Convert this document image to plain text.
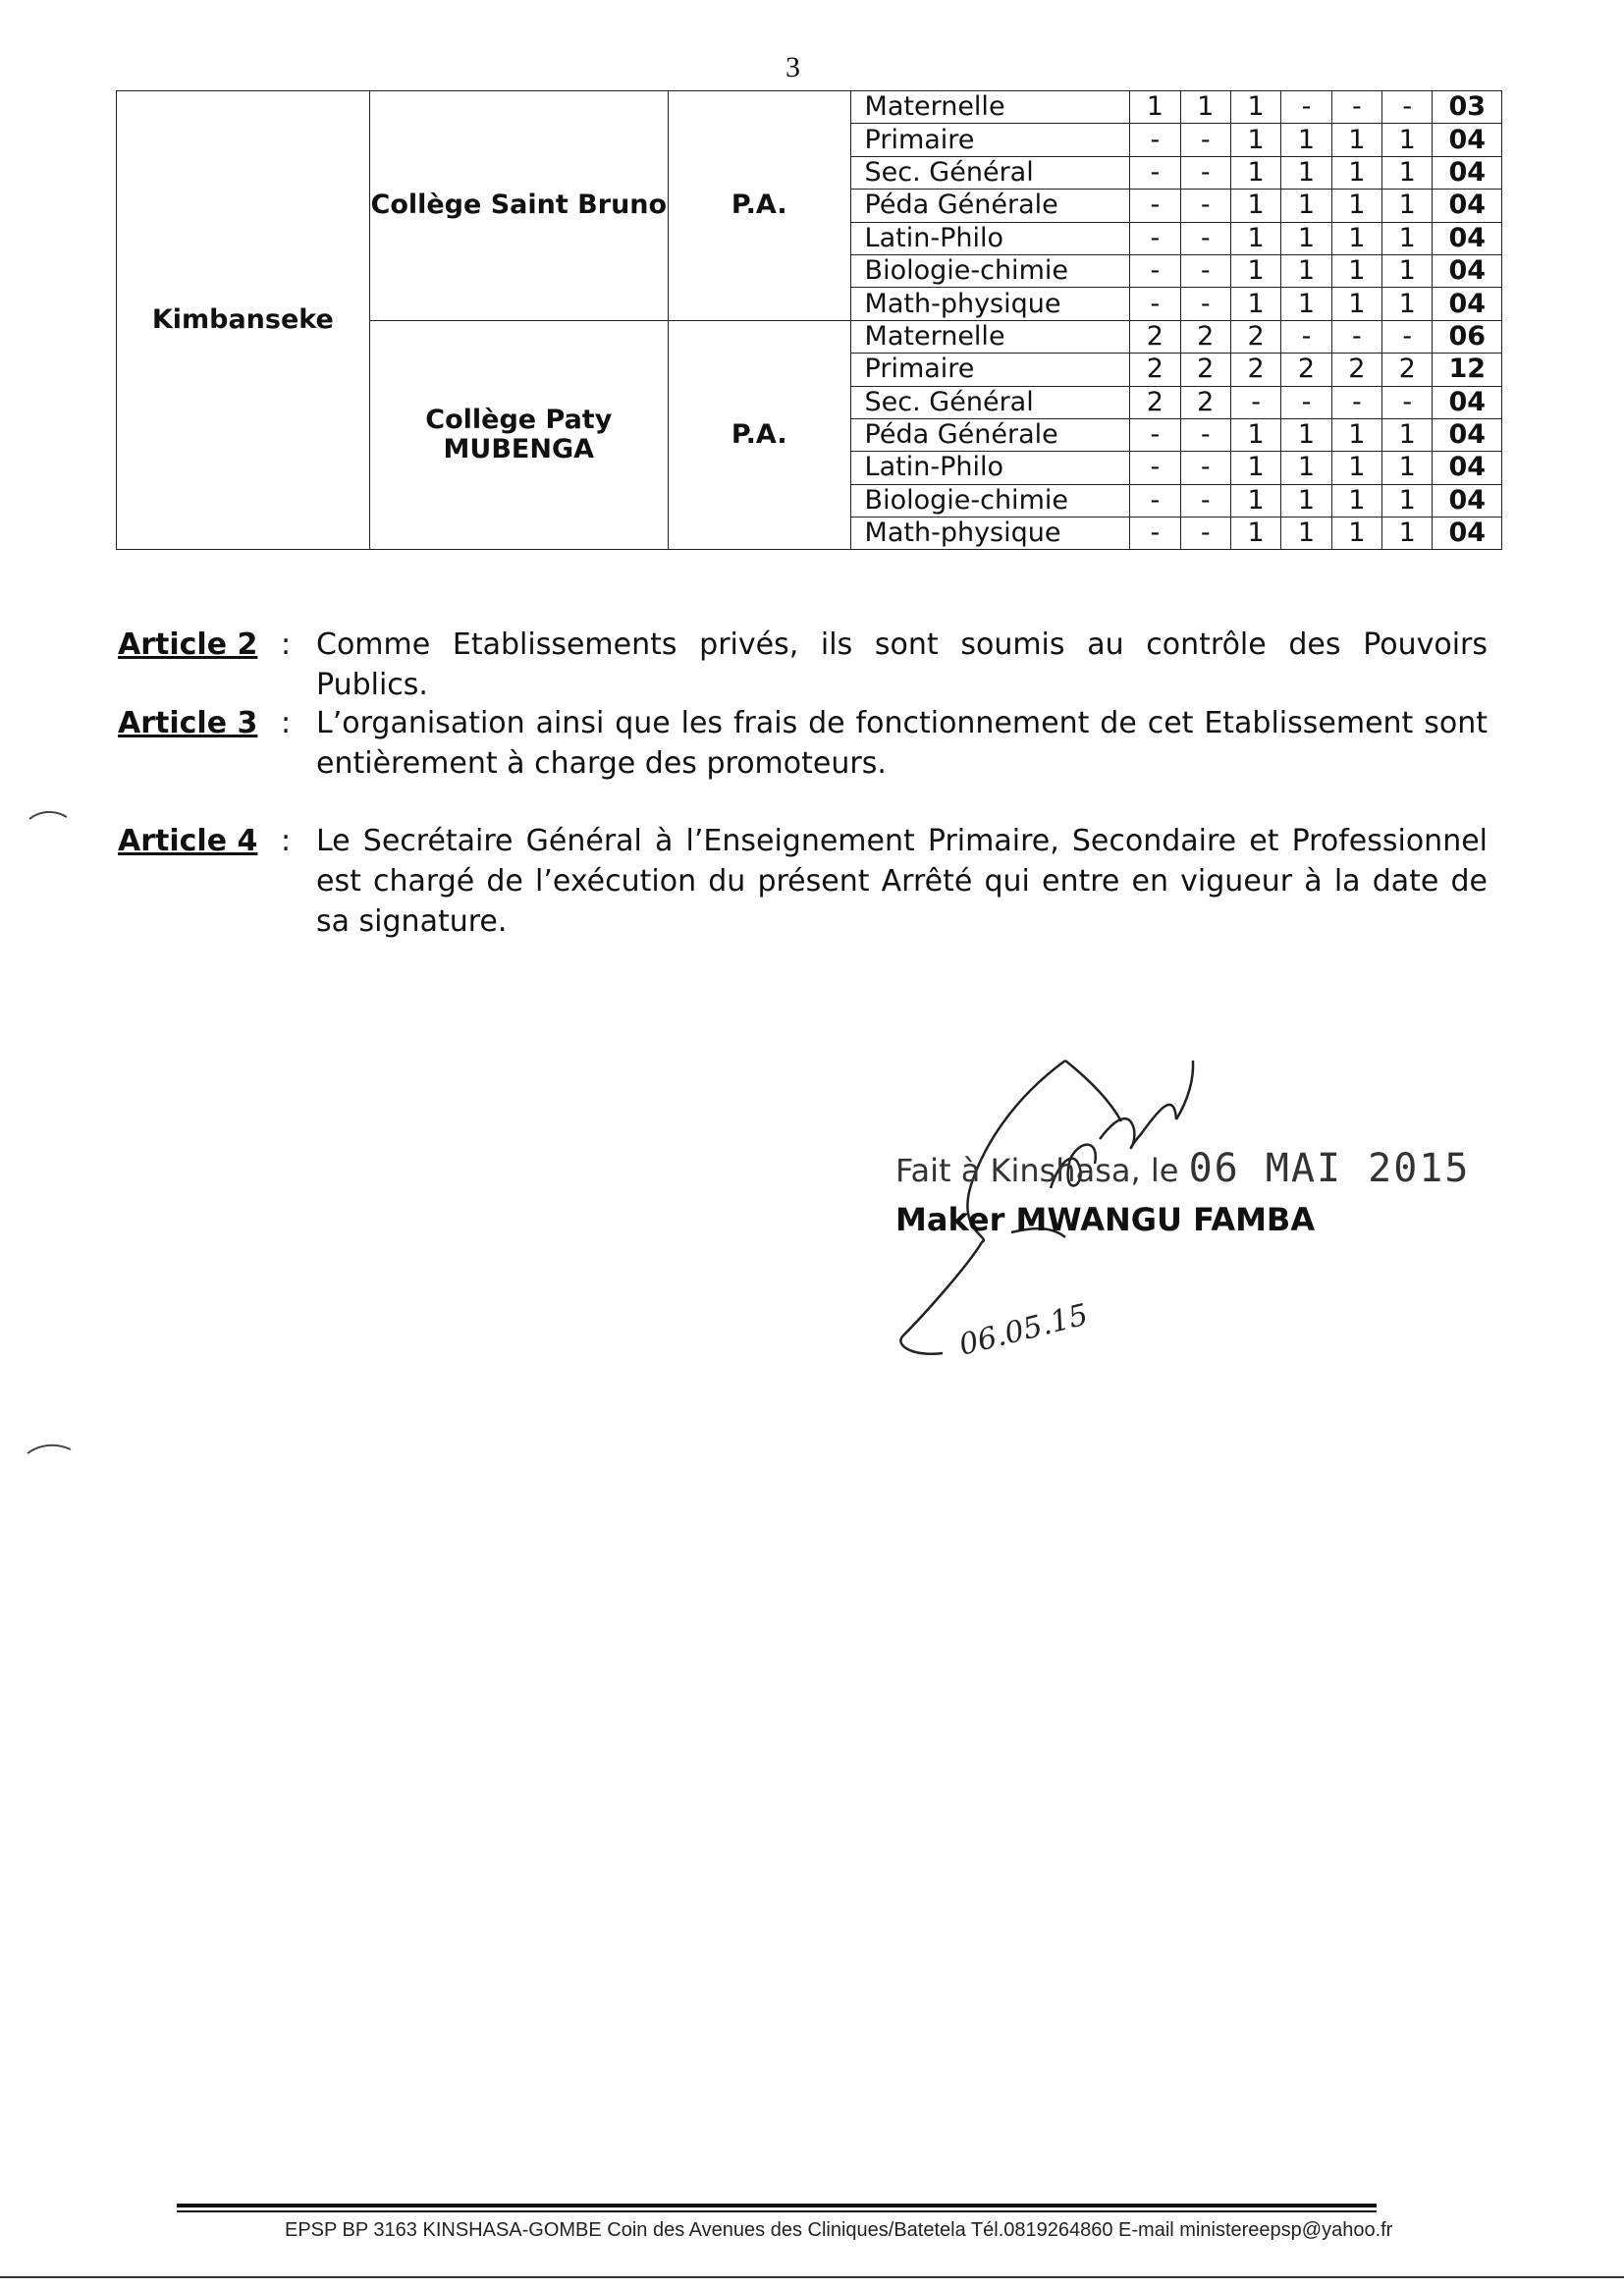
3
Kimbanseke	Collège Saint Bruno	P.A.	Maternelle	1	1	1	-	-	-	03
			Primaire	-	-	1	1	1	1	04
			Sec. Général	-	-	1	1	1	1	04
			Péda Générale	-	-	1	1	1	1	04
			Latin-Philo	-	-	1	1	1	1	04
			Biologie-chimie	-	-	1	1	1	1	04
			Math-physique	-	-	1	1	1	1	04
	Collège Paty MUBENGA	P.A.	Maternelle	2	2	2	-	-	-	06
			Primaire	2	2	2	2	2	2	12
			Sec. Général	2	2	-	-	-	-	04
			Péda Générale	-	-	1	1	1	1	04
			Latin-Philo	-	-	1	1	1	1	04
			Biologie-chimie	-	-	1	1	1	1	04
			Math-physique	-	-	1	1	1	1	04
Article 2 : Comme Etablissements privés, ils sont soumis au contrôle des Pouvoirs Publics.
Article 3 : L’organisation ainsi que les frais de fonctionnement de cet Etablissement sont entièrement à charge des promoteurs.
Article 4 : Le Secrétaire Général à l’Enseignement Primaire, Secondaire et Professionnel est chargé de l’exécution du présent Arrêté qui entre en vigueur à la date de sa signature.
06.05.15
Fait à Kinshasa, le 06 MAI 2015
Maker MWANGU FAMBA
EPSP BP 3163 KINSHASA-GOMBE Coin des Avenues des Cliniques/Batetela Tél.0819264860 E-mail ministereepsp@yahoo.fr
